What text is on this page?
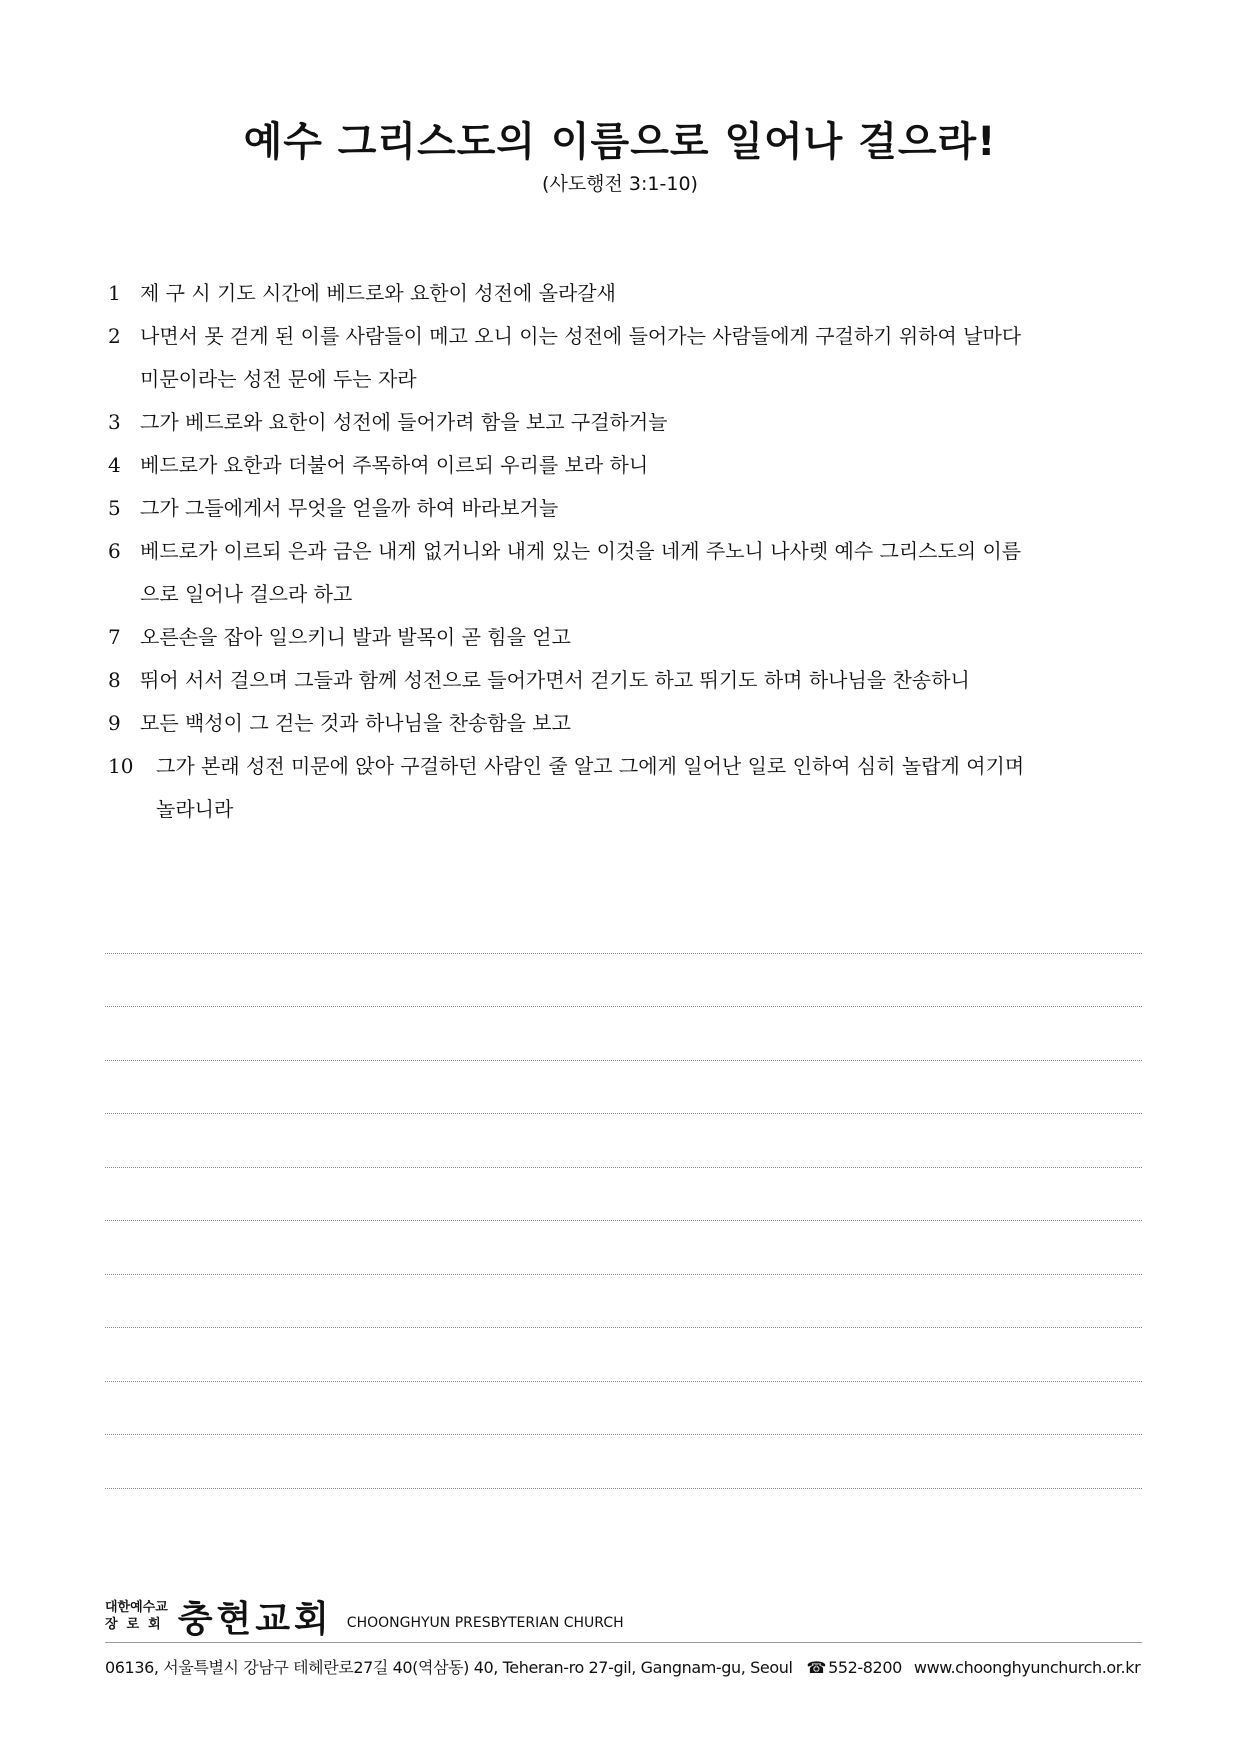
예수 그리스도의 이름으로 일어나 걸으라!

(사도행전 3:1-10)

1 제 구 시 기도 시간에 베드로와 요한이 성전에 올라갈새
2 나면서 못 걷게 된 이를 사람들이 메고 오니 이는 성전에 들어가는 사람들에게 구걸하기 위하여 날마다
미문이라는 성전 문에 두는 자라
3 그가 베드로와 요한이 성전에 들어가려 함을 보고 구걸하거늘
4 베드로가 요한과 더불어 주목하여 이르되 우리를 보라 하니
5 그가 그들에게서 무엇을 얻을까 하여 바라보거늘
6 베드로가 이르되 은과 금은 내게 없거니와 내게 있는 이것을 네게 주노니 나사렛 예수 그리스도의 이름
으로 일어나 걸으라 하고
7 오른손을 잡아 일으키니 발과 발목이 곧 힘을 얻고
8 뛰어 서서 걸으며 그들과 함께 성전으로 들어가면서 걷기도 하고 뛰기도 하며 하나님을 찬송하니
9 모든 백성이 그 걷는 것과 하나님을 찬송함을 보고
10	그가 본래 성전 미문에 앉아 구걸하던 사람인 줄 알고 그에게 일어난 일로 인하여 심히 놀랍게 여기며
놀라니라
대한예수교
장로회 충현교회 CHOONGHYUN PRESBYTERIAN CHURCH
06136, 서울특별시 강남구 테헤란로27길 40(역삼동) 40, Teheran-ro 27-gil, Gangnam-gu, Seoul ☎ 552-8200 www.choonghyunchurch.or.kr
